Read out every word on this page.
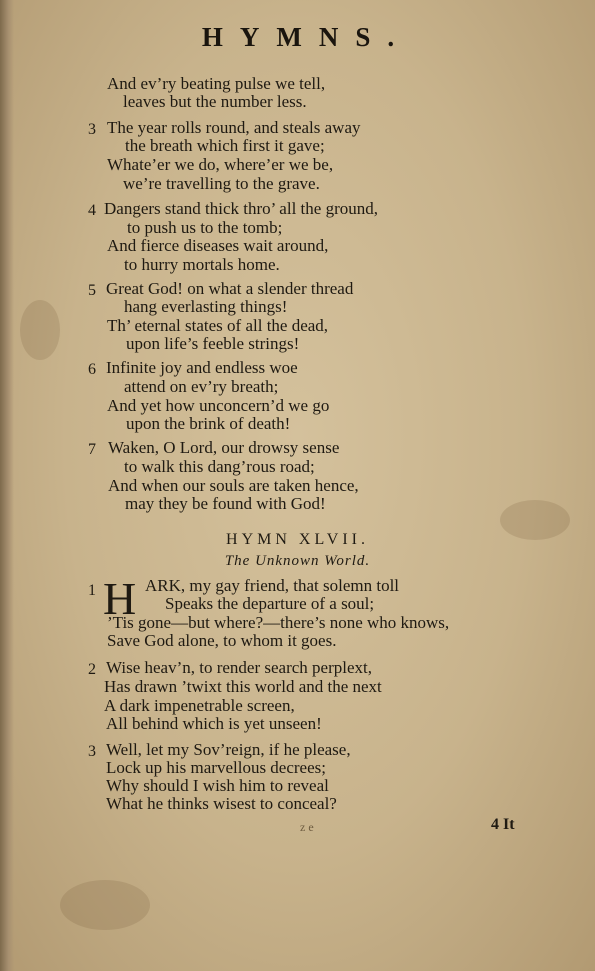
HYMNS.
And ev’ry beating pulse we tell,
leaves but the number less.
3 The year rolls round, and steals away
the breath which first it gave;
Whate’er we do, where’er we be,
we’re travelling to the grave.
4 Dangers stand thick thro’ all the ground,
to push us to the tomb;
And fierce diseases wait around,
to hurry mortals home.
5 Great God! on what a slender thread
hang everlasting things!
Th’ eternal states of all the dead,
upon life’s feeble strings!
6 Infinite joy and endless woe
attend on ev’ry breath;
And yet how unconcern’d we go
upon the brink of death!
7 Waken, O Lord, our drowsy sense
to walk this dang’rous road;
And when our souls are taken hence,
may they be found with God!
HYMN XLVII.
The Unknown World.
1 H ARK, my gay friend, that solemn toll
Speaks the departure of a soul;
’Tis gone—but where?—there’s none who knows,
Save God alone, to whom it goes.
2 Wise heav’n, to render search perplext,
Has drawn ’twixt this world and the next
A dark impenetrable screen,
All behind which is yet unseen!
3 Well, let my Sov’reign, if he please,
Lock up his marvellous decrees;
Why should I wish him to reveal
What he thinks wisest to conceal?
z e	4 It
